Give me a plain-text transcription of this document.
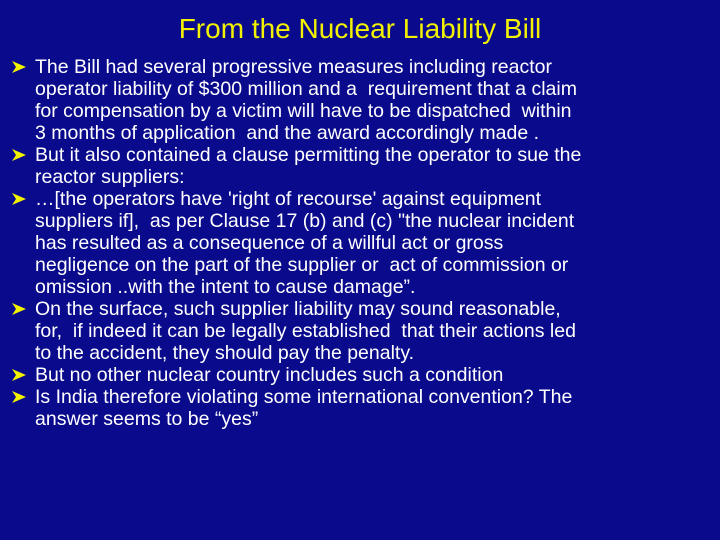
From the Nuclear Liability Bill
The Bill had several progressive measures including reactor
operator liability of $300 million and a  requirement that a claim
for compensation by a victim will have to be dispatched  within
3 months of application  and the award accordingly made .
But it also contained a clause permitting the operator to sue the
reactor suppliers:
…[the operators have 'right of recourse' against equipment
suppliers if],  as per Clause 17 (b) and (c) "the nuclear incident
has resulted as a consequence of a willful act or gross
negligence on the part of the supplier or  act of commission or
omission ..with the intent to cause damage”.
On the surface, such supplier liability may sound reasonable,
for,  if indeed it can be legally established  that their actions led
to the accident, they should pay the penalty.
But no other nuclear country includes such a condition
Is India therefore violating some international convention? The
answer seems to be “yes”
